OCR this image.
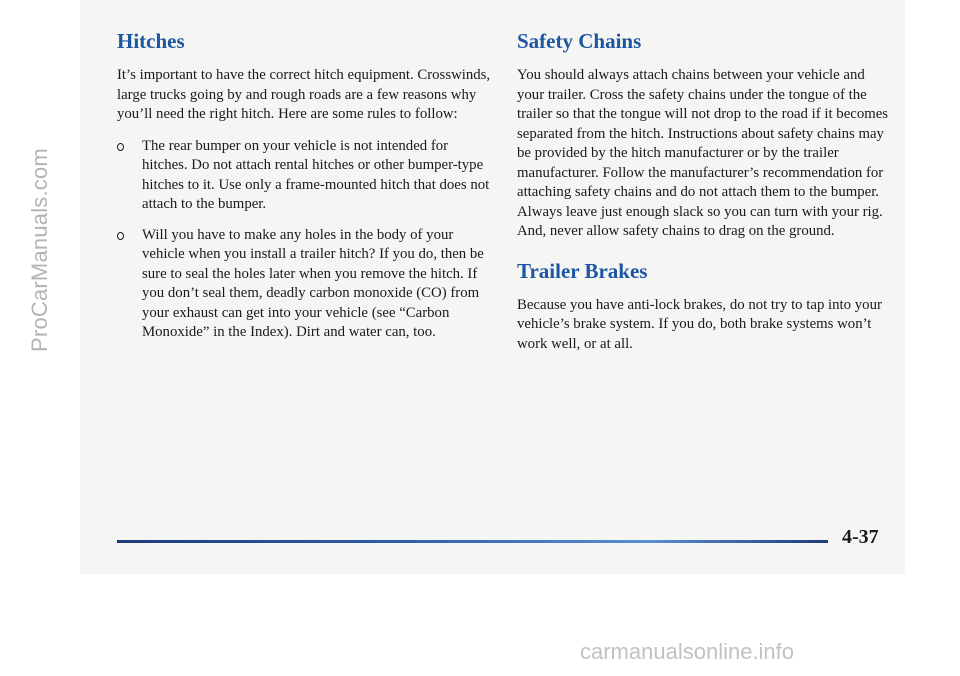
ProCarManuals.com
Hitches

It’s important to have the correct hitch equipment. Crosswinds, large trucks going by and rough roads are a few reasons why you’ll need the right hitch. Here are some rules to follow:

The rear bumper on your vehicle is not intended for hitches. Do not attach rental hitches or other bumper-type hitches to it. Use only a frame-mounted hitch that does not attach to the bumper.
Will you have to make any holes in the body of your vehicle when you install a trailer hitch? If you do, then be sure to seal the holes later when you remove the hitch. If you don’t seal them, deadly carbon monoxide (CO) from your exhaust can get into your vehicle (see “Carbon Monoxide” in the Index). Dirt and water can, too.
Safety Chains

You should always attach chains between your vehicle and your trailer. Cross the safety chains under the tongue of the trailer so that the tongue will not drop to the road if it becomes separated from the hitch. Instructions about safety chains may be provided by the hitch manufacturer or by the trailer manufacturer. Follow the manufacturer’s recommendation for attaching safety chains and do not attach them to the bumper. Always leave just enough slack so you can turn with your rig. And, never allow safety chains to drag on the ground.

Trailer Brakes

Because you have anti-lock brakes, do not try to tap into your vehicle’s brake system. If you do, both brake systems won’t work well, or at all.

4-37
carmanualsonline.info
